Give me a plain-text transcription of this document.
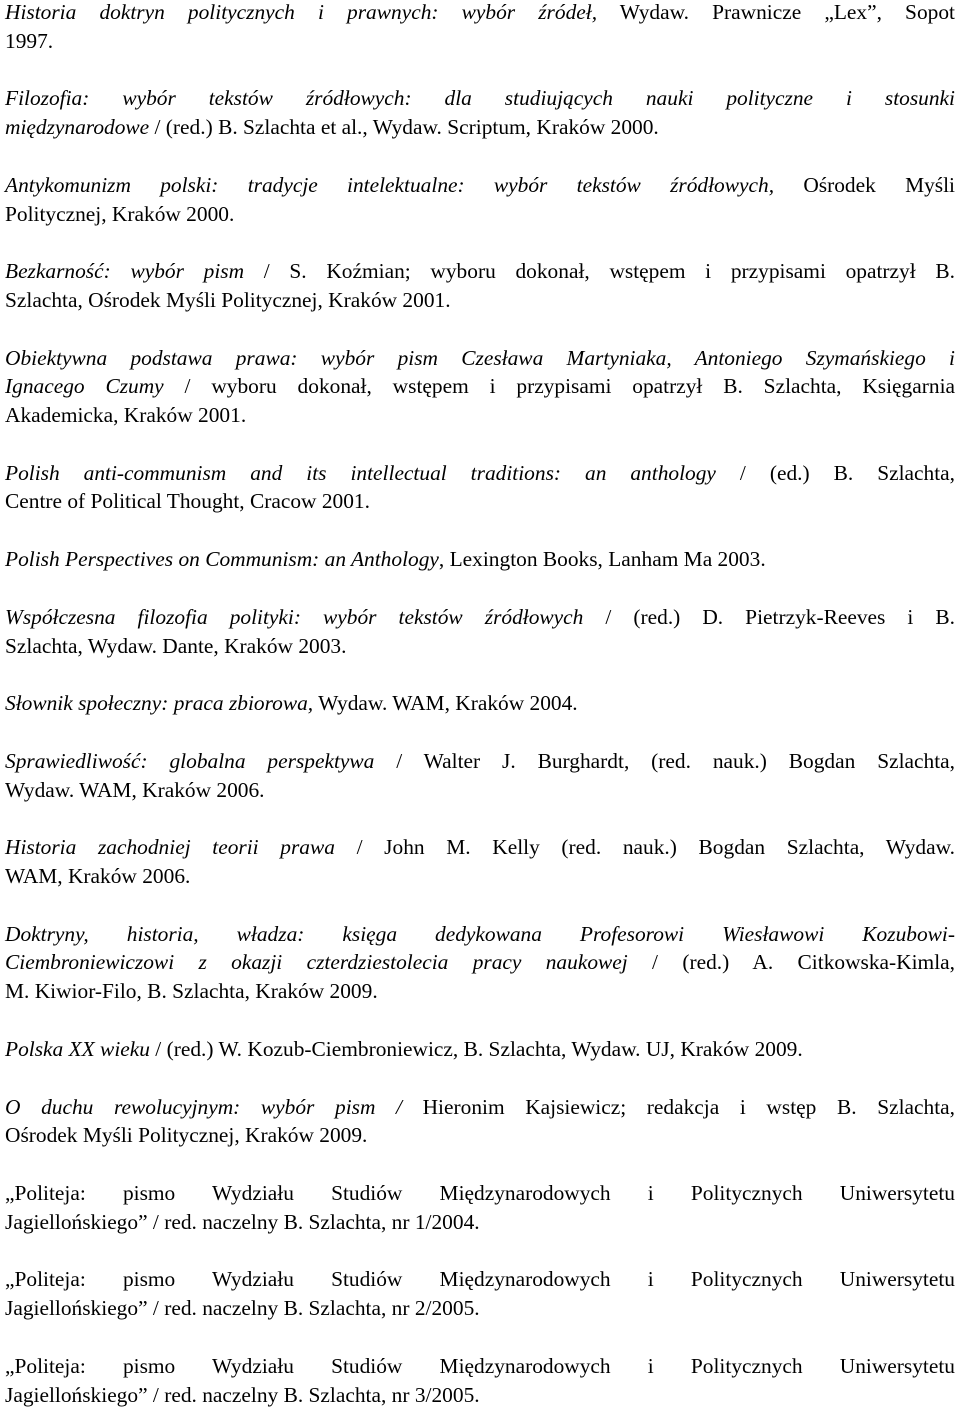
Historia doktryn politycznych i prawnych: wybór źródeł, Wydaw. Prawnicze „Lex”, Sopot
1997.
Filozofia: wybór tekstów źródłowych: dla studiujących nauki polityczne i stosunki
międzynarodowe / (red.) B. Szlachta et al., Wydaw. Scriptum, Kraków 2000.
Antykomunizm polski: tradycje intelektualne: wybór tekstów źródłowych, Ośrodek Myśli
Politycznej, Kraków 2000.
Bezkarność: wybór pism / S. Koźmian; wyboru dokonał, wstępem i przypisami opatrzył B.
Szlachta, Ośrodek Myśli Politycznej, Kraków 2001.
Obiektywna podstawa prawa: wybór pism Czesława Martyniaka, Antoniego Szymańskiego i
Ignacego Czumy / wyboru dokonał, wstępem i przypisami opatrzył B. Szlachta, Księgarnia
Akademicka, Kraków 2001.
Polish anti-communism and its intellectual traditions: an anthology / (ed.) B. Szlachta,
Centre of Political Thought, Cracow 2001.
Polish Perspectives on Communism: an Anthology, Lexington Books, Lanham Ma 2003.
Współczesna filozofia polityki: wybór tekstów źródłowych / (red.) D. Pietrzyk-Reeves i B.
Szlachta, Wydaw. Dante, Kraków 2003.
Słownik społeczny: praca zbiorowa, Wydaw. WAM, Kraków 2004.
Sprawiedliwość: globalna perspektywa / Walter J. Burghardt, (red. nauk.) Bogdan Szlachta,
Wydaw. WAM, Kraków 2006.
Historia zachodniej teorii prawa / John M. Kelly (red. nauk.) Bogdan Szlachta, Wydaw.
WAM, Kraków 2006.
Doktryny, historia, władza: księga dedykowana Profesorowi Wiesławowi Kozubowi-
Ciembroniewiczowi z okazji czterdziestolecia pracy naukowej / (red.) A. Citkowska-Kimla,
M. Kiwior-Filo, B. Szlachta, Kraków 2009.
Polska XX wieku / (red.) W. Kozub-Ciembroniewicz, B. Szlachta, Wydaw. UJ, Kraków 2009.
O duchu rewolucyjnym: wybór pism / Hieronim Kajsiewicz; redakcja i wstęp B. Szlachta,
Ośrodek Myśli Politycznej, Kraków 2009.
„Politeja: pismo Wydziału Studiów Międzynarodowych i Politycznych Uniwersytetu
Jagiellońskiego” / red. naczelny B. Szlachta, nr 1/2004.
„Politeja: pismo Wydziału Studiów Międzynarodowych i Politycznych Uniwersytetu
Jagiellońskiego” / red. naczelny B. Szlachta, nr 2/2005.
„Politeja: pismo Wydziału Studiów Międzynarodowych i Politycznych Uniwersytetu
Jagiellońskiego” / red. naczelny B. Szlachta, nr 3/2005.
